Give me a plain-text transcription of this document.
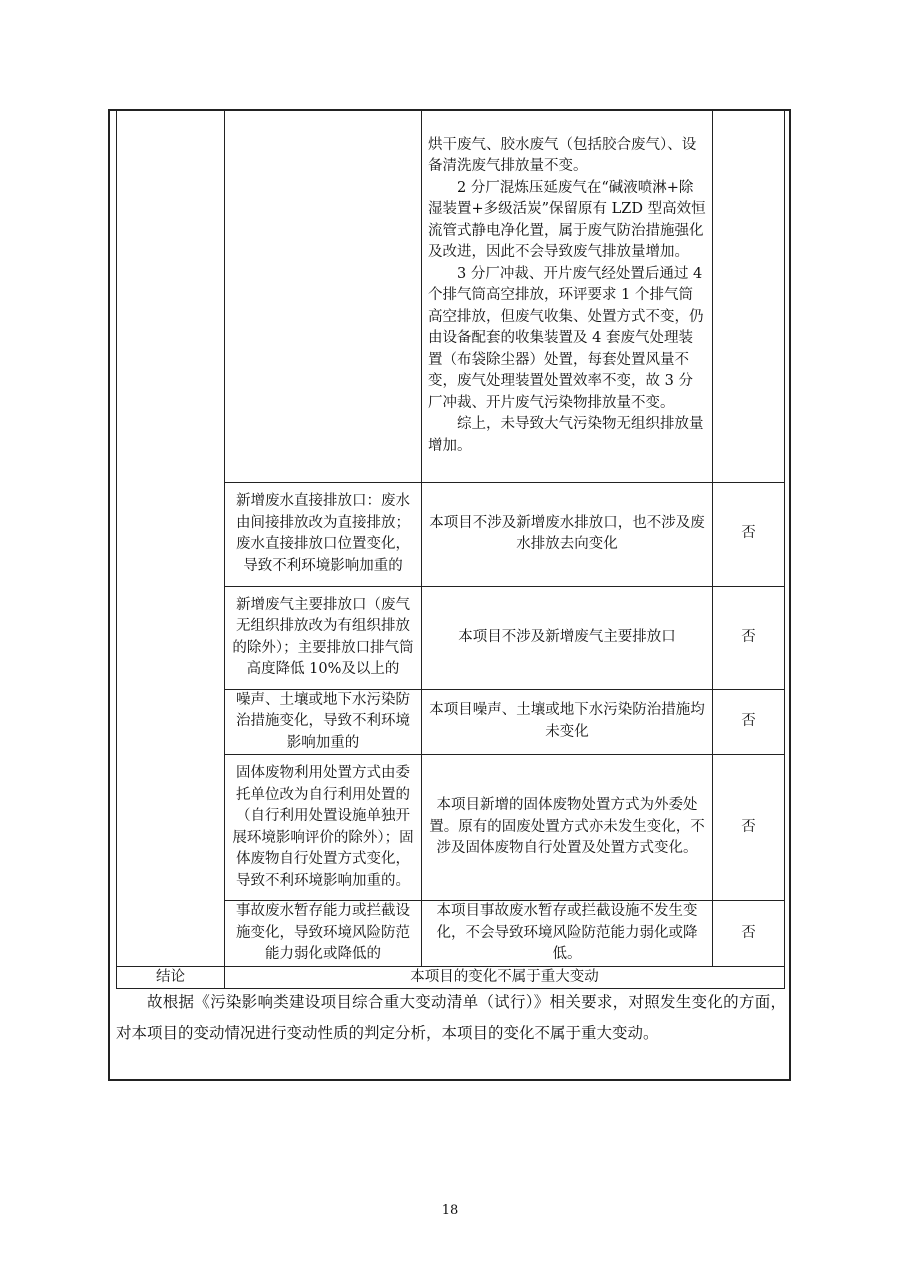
		烘干废气、胶水废气（包括胶合废气）、设备清洗废气排放量不变。
2 分厂混炼压延废气在“碱液喷淋+除湿装置+多级活炭”保留原有 LZD 型高效恒流管式静电净化置，属于废气防治措施强化及改进，因此不会导致废气排放量增加。
3 分厂冲裁、开片废气经处置后通过 4 个排气筒高空排放，环评要求 1 个排气筒高空排放，但废气收集、处置方式不变，仍由设备配套的收集装置及 4 套废气处理装置（布袋除尘器）处置，每套处置风量不变，废气处理装置处置效率不变，故 3 分厂冲裁、开片废气污染物排放量不变。
综上，未导致大气污染物无组织排放量增加。	

	新增废水直接排放口：废水由间接排放改为直接排放；废水直接排放口位置变化，导致不利环境影响加重的	本项目不涉及新增废水排放口，也不涉及废水排放去向变化	否
	新增废气主要排放口（废气无组织排放改为有组织排放的除外）；主要排放口排气筒高度降低 10%及以上的	本项目不涉及新增废气主要排放口	否
	噪声、土壤或地下水污染防治措施变化，导致不利环境影响加重的	本项目噪声、土壤或地下水污染防治措施均未变化	否
	固体废物利用处置方式由委托单位改为自行利用处置的（自行利用处置设施单独开展环境影响评价的除外）；固体废物自行处置方式变化，导致不利环境影响加重的。	本项目新增的固体废物处置方式为外委处置。原有的固废处置方式亦未发生变化，不涉及固体废物自行处置及处置方式变化。	否
	事故废水暂存能力或拦截设施变化，导致环境风险防范能力弱化或降低的	本项目事故废水暂存或拦截设施不发生变化，不会导致环境风险防范能力弱化或降低。	否
结论	本项目的变化不属于重大变动		
故根据《污染影响类建设项目综合重大变动清单（试行）》相关要求，对照发生变化的方面，对本项目的变动情况进行变动性质的判定分析，本项目的变化不属于重大变动。
18
